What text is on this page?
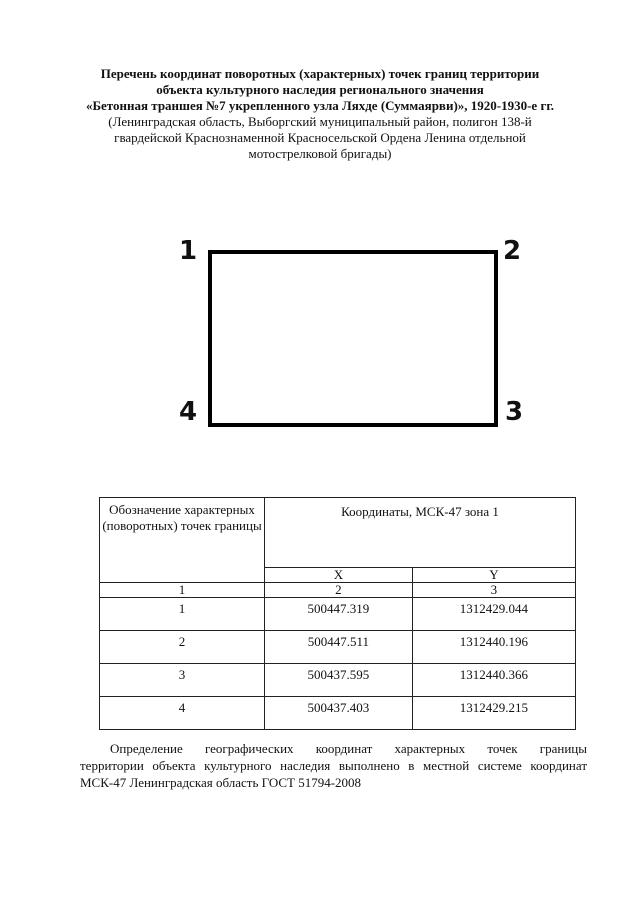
Перечень координат поворотных (характерных) точек границ территории
объекта культурного наследия регионального значения
«Бетонная траншея №7 укрепленного узла Ляхде (Суммаярви)», 1920-1930-е гг.
(Ленинградская область, Выборгский муниципальный район, полигон 138-й
гвардейской Краснознаменной Красносельской Ордена Ленина отдельной
мотострелковой бригады)
1	2
3
4
Обозначение характерных (поворотных) точек границы	Координаты, МСК-47 зона 1	
	X	Y
1	2	3
1	500447.319	1312429.044
2	500447.511	1312440.196
3	500437.595	1312440.366
4	500437.403	1312429.215
Определение географических координат характерных точек границы
территории объекта культурного наследия выполнено в местной системе координат МСК-47 Ленинградская область ГОСТ 51794-2008
